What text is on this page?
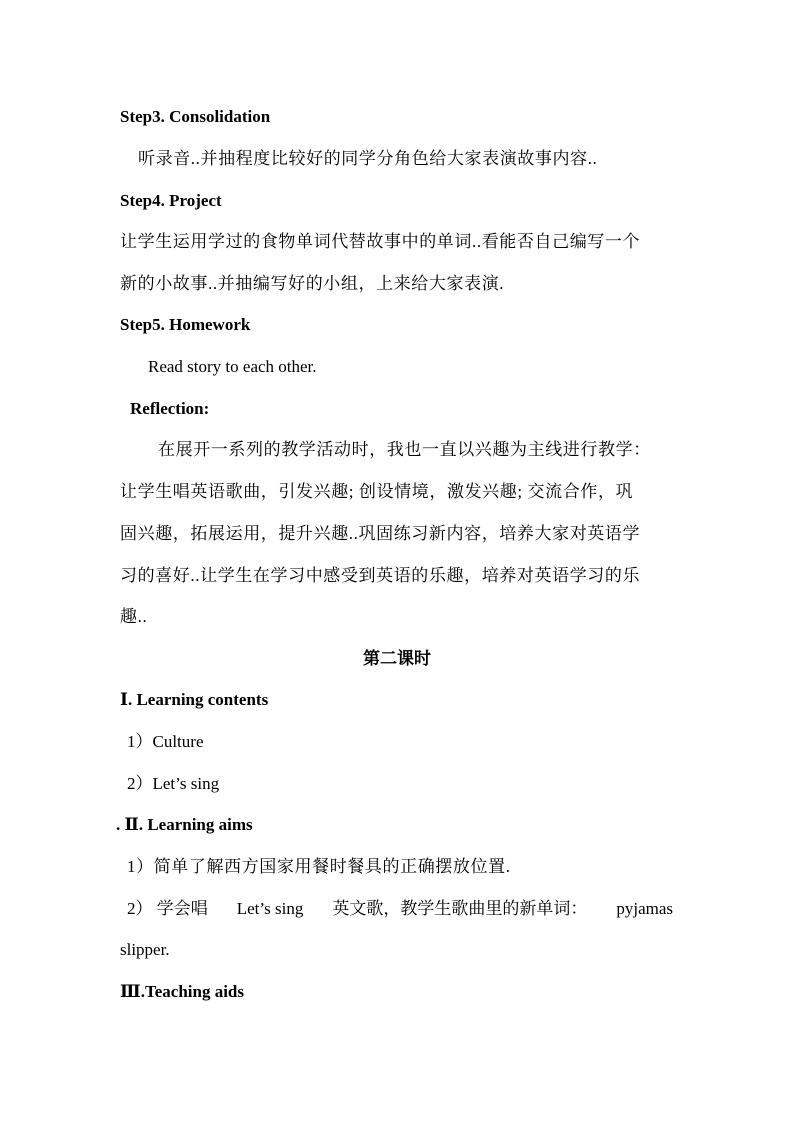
Step3. Consolidation
听录音..并抽程度比较好的同学分角色给大家表演故事内容..
Step4. Project
让学生运用学过的食物单词代替故事中的单词..看能否自己编写一个
新的小故事..并抽编写好的小组，上来给大家表演.
Step5. Homework
Read story to each other.
Reflection:
在展开一系列的教学活动时，我也一直以兴趣为主线进行教学：
让学生唱英语歌曲，引发兴趣; 创设情境，激发兴趣; 交流合作，巩
固兴趣，拓展运用，提升兴趣..巩固练习新内容，培养大家对英语学
习的喜好..让学生在学习中感受到英语的乐趣，培养对英语学习的乐
趣..
第二课时
Ⅰ. Learning contents
1）Culture
2）Let’s sing
. Ⅱ. Learning aims
1）简单了解西方国家用餐时餐具的正确摆放位置.
2） 学会唱 Let’s sing 英文歌，教学生歌曲里的新单词： pyjamas
slipper.
Ⅲ.Teaching aids
